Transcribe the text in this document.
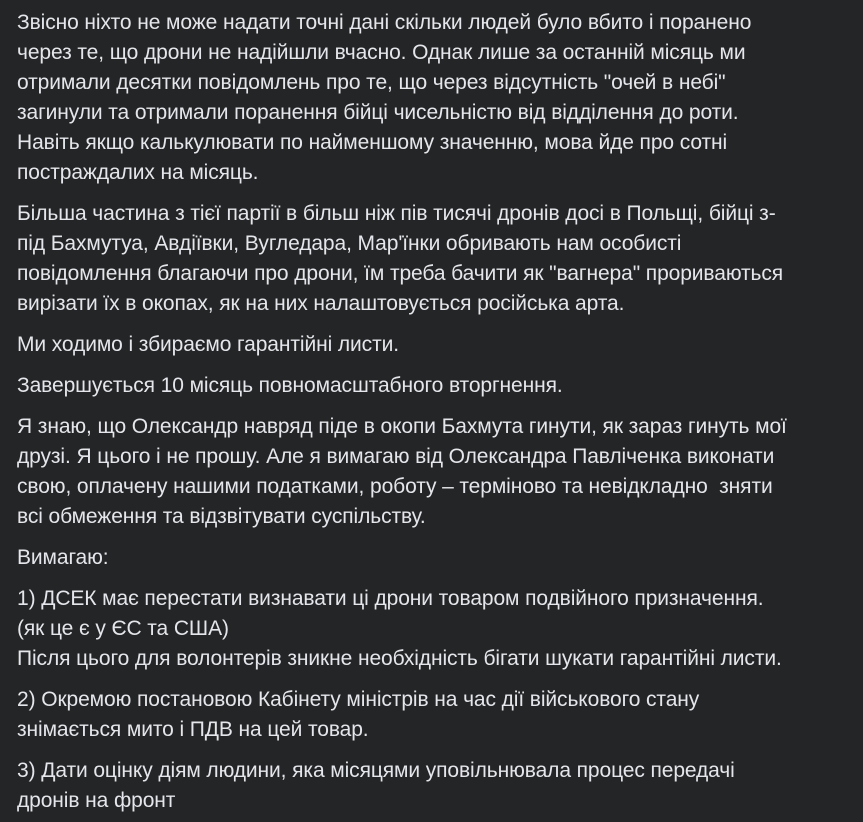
Звісно ніхто не може надати точні дані скільки людей було вбито і поранено
через те, що дрони не надійшли вчасно. Однак лише за останній місяць ми
отримали десятки повідомлень про те, що через відсутність "очей в небі"
загинули та отримали поранення бійці чисельністю від відділення до роти.
Навіть якщо калькулювати по найменшому значенню, мова йде про сотні
постраждалих на місяць.

Більша частина з тієї партії в більш ніж пів тисячі дронів досі в Польщі, бійці з-
під Бахмутуа, Авдіївки, Вугледара, Мар'їнки обривають нам особисті
повідомлення благаючи про дрони, їм треба бачити як "вагнера" прориваються
вирізати їх в окопах, як на них налаштовується російська арта.

Ми ходимо і збираємо гарантійні листи.

Завершується 10 місяць повномасштабного вторгнення.

Я знаю, що Олександр навряд піде в окопи Бахмута гинути, як зараз гинуть мої
друзі. Я цього і не прошу. Але я вимагаю від Олександра Павліченка виконати
свою, оплачену нашими податками, роботу – терміново та невідкладно  зняти
всі обмеження та відзвітувати суспільству.

Вимагаю:

1) ДСЕК має перестати визнавати ці дрони товаром подвійного призначення.
(як це є у ЄС та США)
Після цього для волонтерів зникне необхідність бігати шукати гарантійні листи.

2) Окремою постановою Кабінету міністрів на час дії військового стану
знімається мито і ПДВ на цей товар.

3) Дати оцінку діям людини, яка місяцями уповільнювала процес передачі
дронів на фронт
